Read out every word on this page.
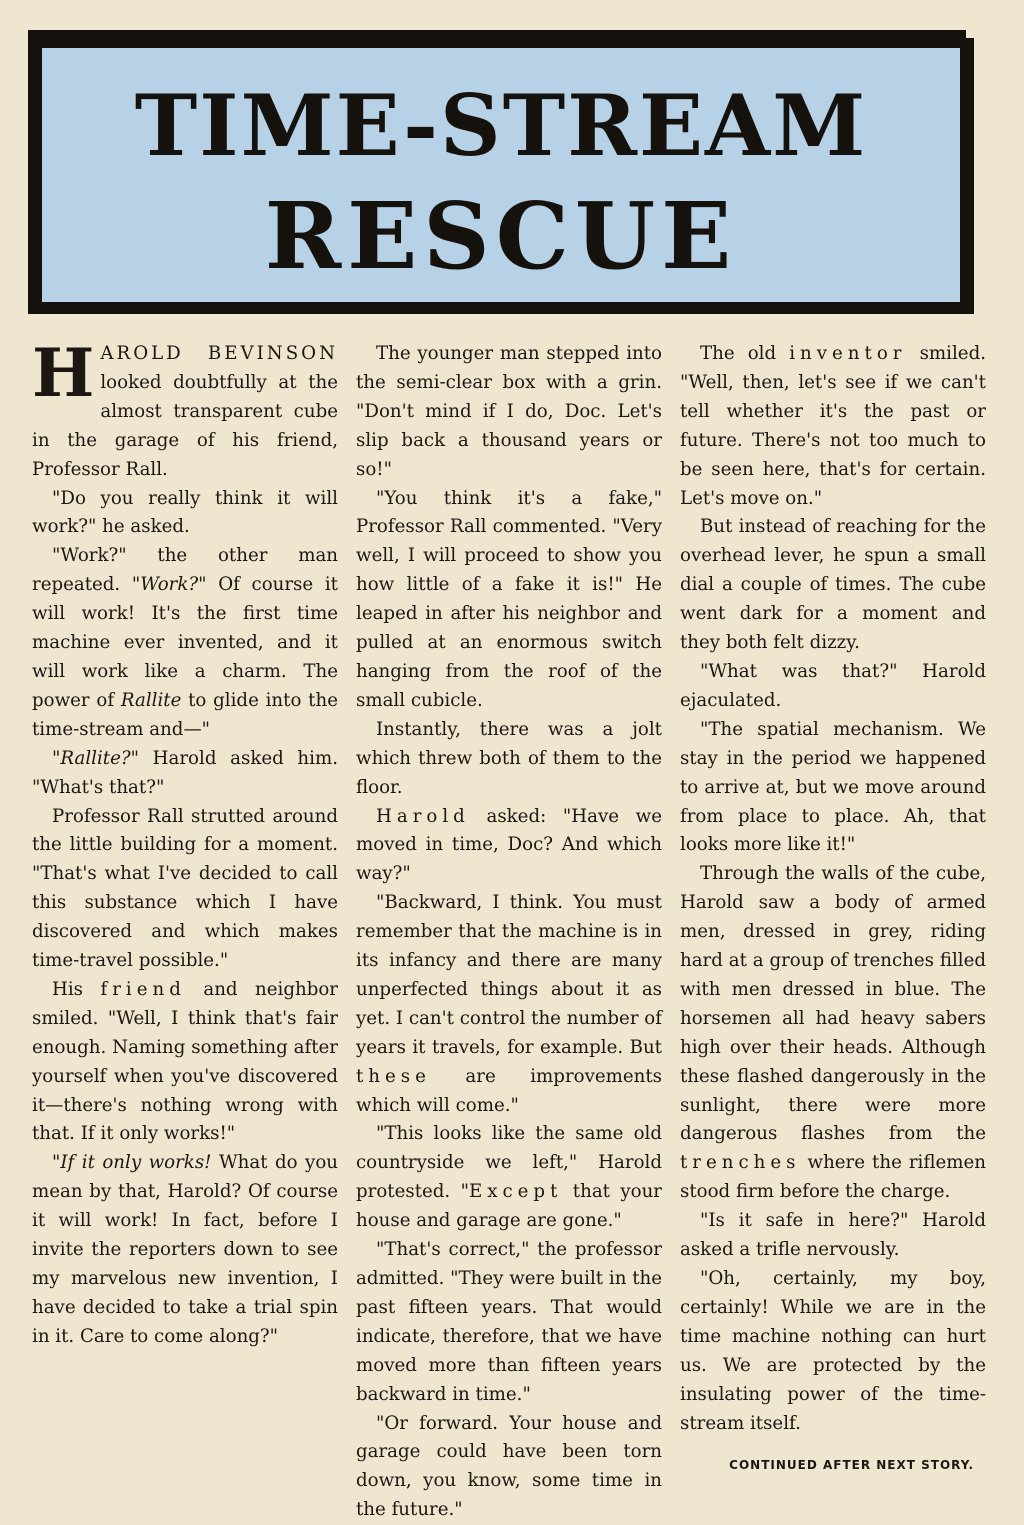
TIME-STREAM
RESCUE

HAROLD BEVINSON looked doubtfully at the almost transparent cube in the garage of his friend, Professor Rall.

"Do you really think it will work?" he asked.

"Work?" the other man repeated. "Work?" Of course it will work! It's the first time machine ever invented, and it will work like a charm. The power of Rallite to glide into the time-stream and—"

"Rallite?" Harold asked him. "What's that?"

Professor Rall strutted around the little building for a moment. "That's what I've decided to call this substance which I have discovered and which makes time-travel possible."

His friend and neighbor smiled. "Well, I think that's fair enough. Naming something after yourself when you've discovered it—there's nothing wrong with that. If it only works!"

"If it only works! What do you mean by that, Harold? Of course it will work! In fact, before I invite the reporters down to see my marvelous new invention, I have decided to take a trial spin in it. Care to come along?"

The younger man stepped into the semi-clear box with a grin. "Don't mind if I do, Doc. Let's slip back a thousand years or so!"

"You think it's a fake," Professor Rall commented. "Very well, I will proceed to show you how little of a fake it is!" He leaped in after his neighbor and pulled at an enormous switch hanging from the roof of the small cubicle.

Instantly, there was a jolt which threw both of them to the floor.

Harold asked: "Have we moved in time, Doc? And which way?"

"Backward, I think. You must remember that the machine is in its infancy and there are many unperfected things about it as yet. I can't control the number of years it travels, for example. But these are improvements which will come."

"This looks like the same old countryside we left," Harold protested. "Except that your house and garage are gone."

"That's correct," the professor admitted. "They were built in the past fifteen years. That would indicate, therefore, that we have moved more than fifteen years backward in time."

"Or forward. Your house and garage could have been torn down, you know, some time in the future."

The old inventor smiled. "Well, then, let's see if we can't tell whether it's the past or future. There's not too much to be seen here, that's for certain. Let's move on."

But instead of reaching for the overhead lever, he spun a small dial a couple of times. The cube went dark for a moment and they both felt dizzy.

"What was that?" Harold ejaculated.

"The spatial mechanism. We stay in the period we happened to arrive at, but we move around from place to place. Ah, that looks more like it!"

Through the walls of the cube, Harold saw a body of armed men, dressed in grey, riding hard at a group of trenches filled with men dressed in blue. The horsemen all had heavy sabers high over their heads. Although these flashed dangerously in the sunlight, there were more dangerous flashes from the trenches where the riflemen stood firm before the charge.

"Is it safe in here?" Harold asked a trifle nervously.

"Oh, certainly, my boy, certainly! While we are in the time machine nothing can hurt us. We are protected by the insulating power of the time-stream itself.

CONTINUED AFTER NEXT STORY.
